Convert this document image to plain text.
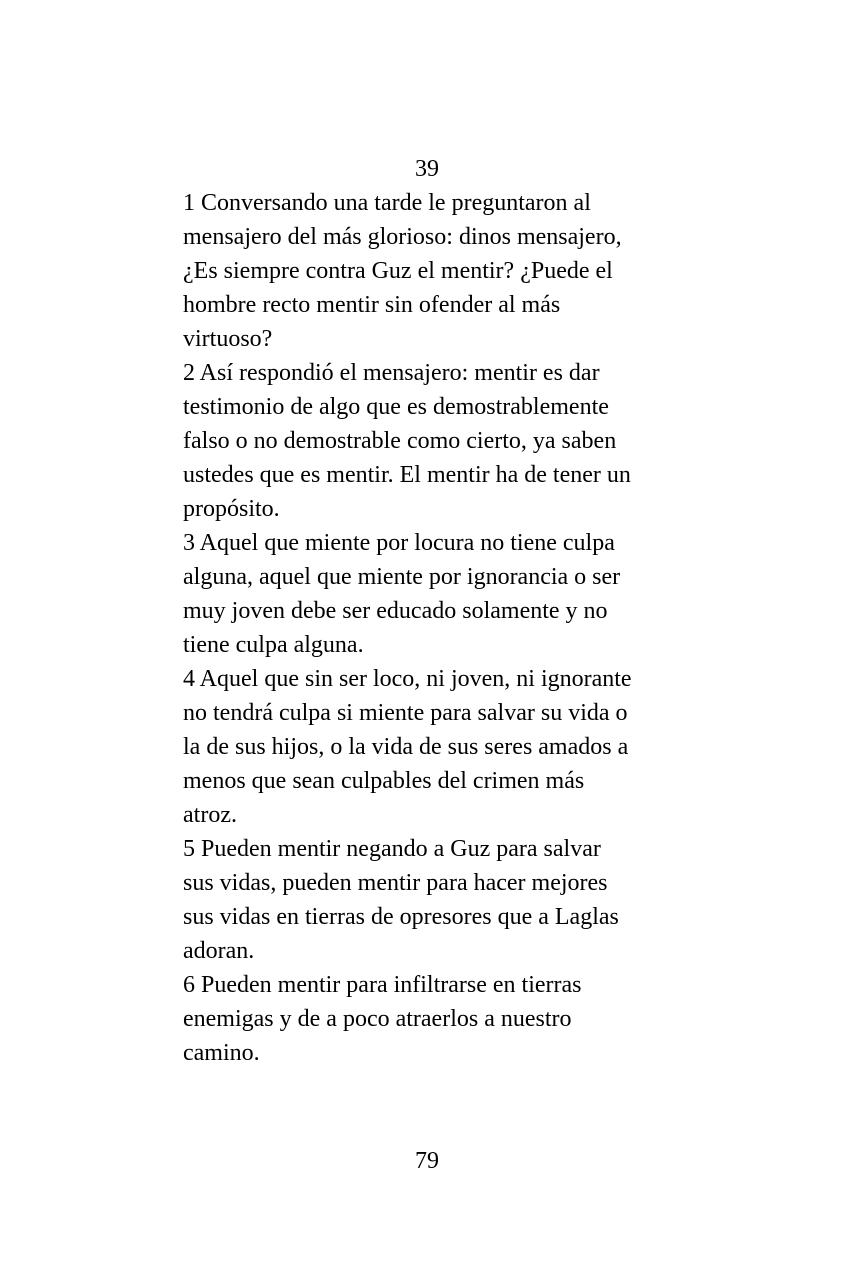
39
1 Conversando una tarde le preguntaron al
mensajero del más glorioso: dinos mensajero,
¿Es siempre contra Guz el mentir? ¿Puede el
hombre recto mentir sin ofender al más
virtuoso?
2 Así respondió el mensajero: mentir es dar
testimonio de algo que es demostrablemente
falso o no demostrable como cierto, ya saben
ustedes que es mentir. El mentir ha de tener un
propósito.
3 Aquel que miente por locura no tiene culpa
alguna, aquel que miente por ignorancia o ser
muy joven debe ser educado solamente y no
tiene culpa alguna.
4 Aquel que sin ser loco, ni joven, ni ignorante
no tendrá culpa si miente para salvar su vida o
la de sus hijos, o la vida de sus seres amados a
menos que sean culpables del crimen más
atroz.
5 Pueden mentir negando a Guz para salvar
sus vidas, pueden mentir para hacer mejores
sus vidas en tierras de opresores que a Laglas
adoran.
6 Pueden mentir para infiltrarse en tierras
enemigas y de a poco atraerlos a nuestro
camino.
79
